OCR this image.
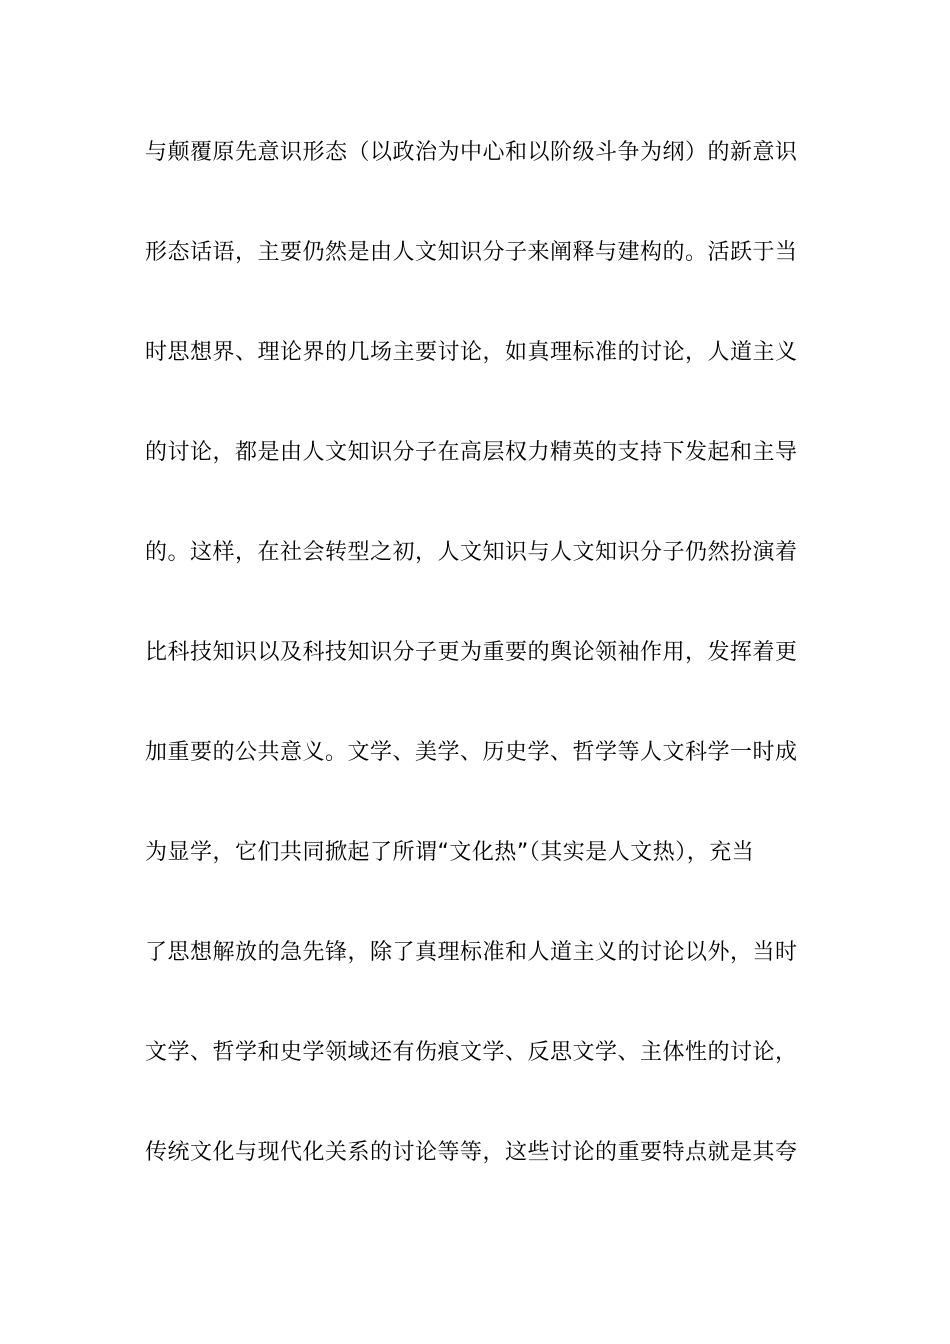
与颠覆原先意识形态（以政治为中心和以阶级斗争为纲）的新意识
形态话语，主要仍然是由人文知识分子来阐释与建构的。活跃于当
时思想界、理论界的几场主要讨论，如真理标准的讨论，人道主义
的讨论，都是由人文知识分子在高层权力精英的支持下发起和主导
的。这样，在社会转型之初，人文知识与人文知识分子仍然扮演着
比科技知识以及科技知识分子更为重要的舆论领袖作用，发挥着更
加重要的公共意义。文学、美学、历史学、哲学等人文科学一时成
为显学，它们共同掀起了所谓“文化热”（其实是人文热），充当
了思想解放的急先锋，除了真理标准和人道主义的讨论以外，当时
文学、哲学和史学领域还有伤痕文学、反思文学、主体性的讨论，
传统文化与现代化关系的讨论等等，这些讨论的重要特点就是其夸
